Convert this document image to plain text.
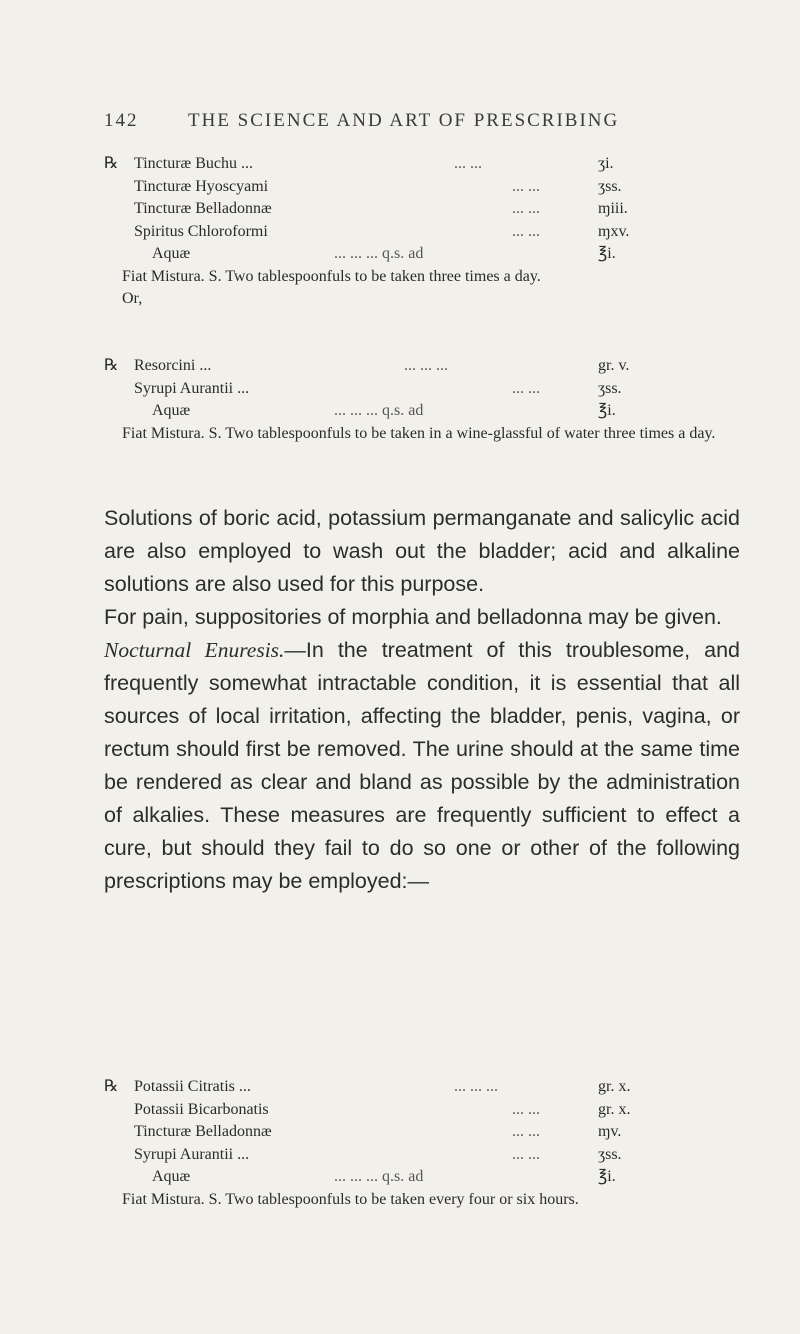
142	THE SCIENCE AND ART OF PRESCRIBING
℞ Tincturæ Buchu ...	... ...	ʒi.
Tincturæ Hyoscyami	... ...	ʒss.
Tincturæ Belladonnæ	... ...	ɱiii.
Spiritus Chloroformi	... ...	ɱxv.
Aquæ	... ... ... q.s. ad	℥i.
Fiat Mistura. S. Two tablespoonfuls to be taken three times a day.
Or,
℞ Resorcini ...	... ... ...	gr. v.
Syrupi Aurantii ...	... ...	ʒss.
Aquæ	... ... ... q.s. ad	℥i.
Fiat Mistura. S. Two tablespoonfuls to be taken in a wine-glassful of water three times a day.

Solutions of boric acid, potassium permanganate and salicylic acid are also employed to wash out the bladder; acid and alkaline solutions are also used for this purpose.

For pain, suppositories of morphia and belladonna may be given.

Nocturnal Enuresis.—In the treatment of this troublesome, and frequently somewhat intractable condition, it is essential that all sources of local irritation, affecting the bladder, penis, vagina, or rectum should first be removed. The urine should at the same time be rendered as clear and bland as possible by the administration of alkalies. These measures are frequently sufficient to effect a cure, but should they fail to do so one or other of the following prescriptions may be employed:—

℞ Potassii Citratis ...	... ... ...	gr. x.
Potassii Bicarbonatis	... ...	gr. x.
Tincturæ Belladonnæ	... ...	ɱv.
Syrupi Aurantii ...	... ...	ʒss.
Aquæ	... ... ... q.s. ad	℥i.
Fiat Mistura. S. Two tablespoonfuls to be taken every four or six hours.
